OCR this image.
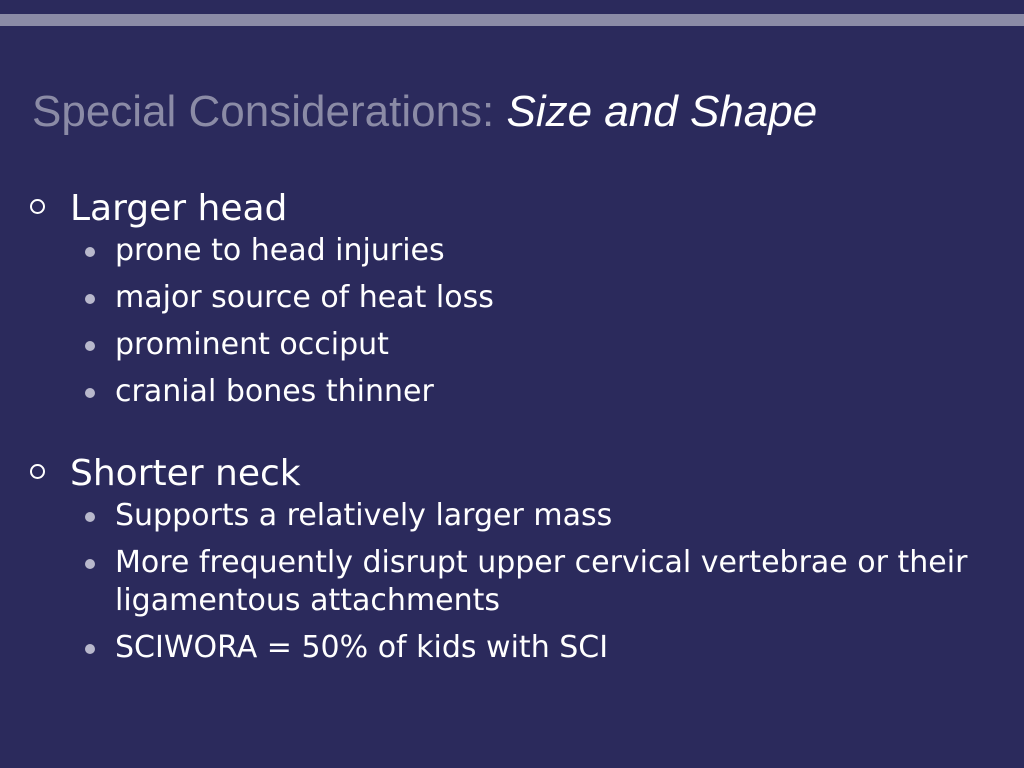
Special Considerations: Size and Shape
Larger head
prone to head injuries
major source of heat loss
prominent occiput
cranial bones thinner
Shorter neck
Supports a relatively larger mass
More frequently disrupt upper cervical vertebrae or their ligamentous attachments
SCIWORA = 50% of kids with SCI
